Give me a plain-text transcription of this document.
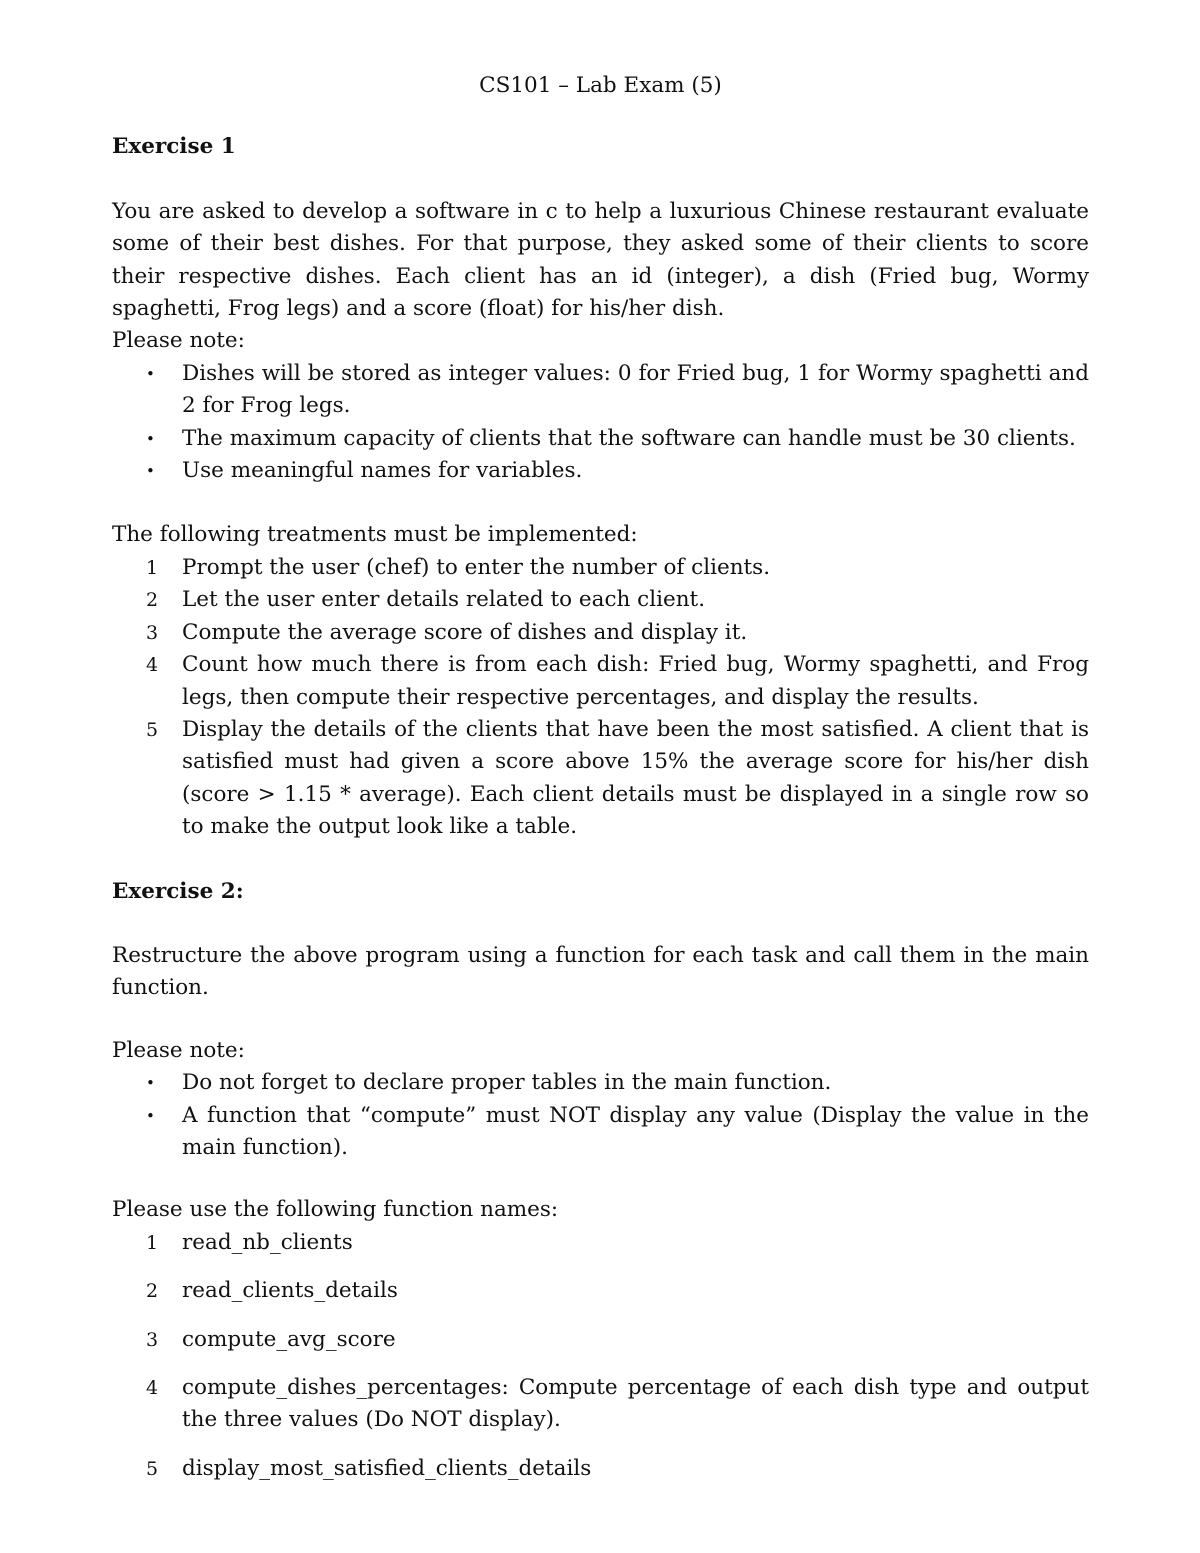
CS101 – Lab Exam (5)
Exercise 1

You are asked to develop a software in c to help a luxurious Chinese restaurant evaluate some of their best dishes. For that purpose, they asked some of their clients to score their respective dishes. Each client has an id (integer), a dish (Fried bug, Wormy spaghetti, Frog legs) and a score (float) for his/her dish.

Please note:

• Dishes will be stored as integer values: 0 for Fried bug, 1 for Wormy spaghetti and 2 for Frog legs.
• The maximum capacity of clients that the software can handle must be 30 clients.
• Use meaningful names for variables.

The following treatments must be implemented:

1 Prompt the user (chef) to enter the number of clients.
2 Let the user enter details related to each client.
3 Compute the average score of dishes and display it.
4 Count how much there is from each dish: Fried bug, Wormy spaghetti, and Frog legs, then compute their respective percentages, and display the results.
5 Display the details of the clients that have been the most satisfied. A client that is satisfied must had given a score above 15% the average score for his/her dish (score > 1.15 * average). Each client details must be displayed in a single row so to make the output look like a table.
Exercise 2:

Restructure the above program using a function for each task and call them in the main function.

Please note:

• Do not forget to declare proper tables in the main function.
• A function that “compute” must NOT display any value (Display the value in the main function).

Please use the following function names:

1 read_nb_clients
2 read_clients_details
3 compute_avg_score
4 compute_dishes_percentages: Compute percentage of each dish type and output the three values (Do NOT display).
5 display_most_satisfied_clients_details
